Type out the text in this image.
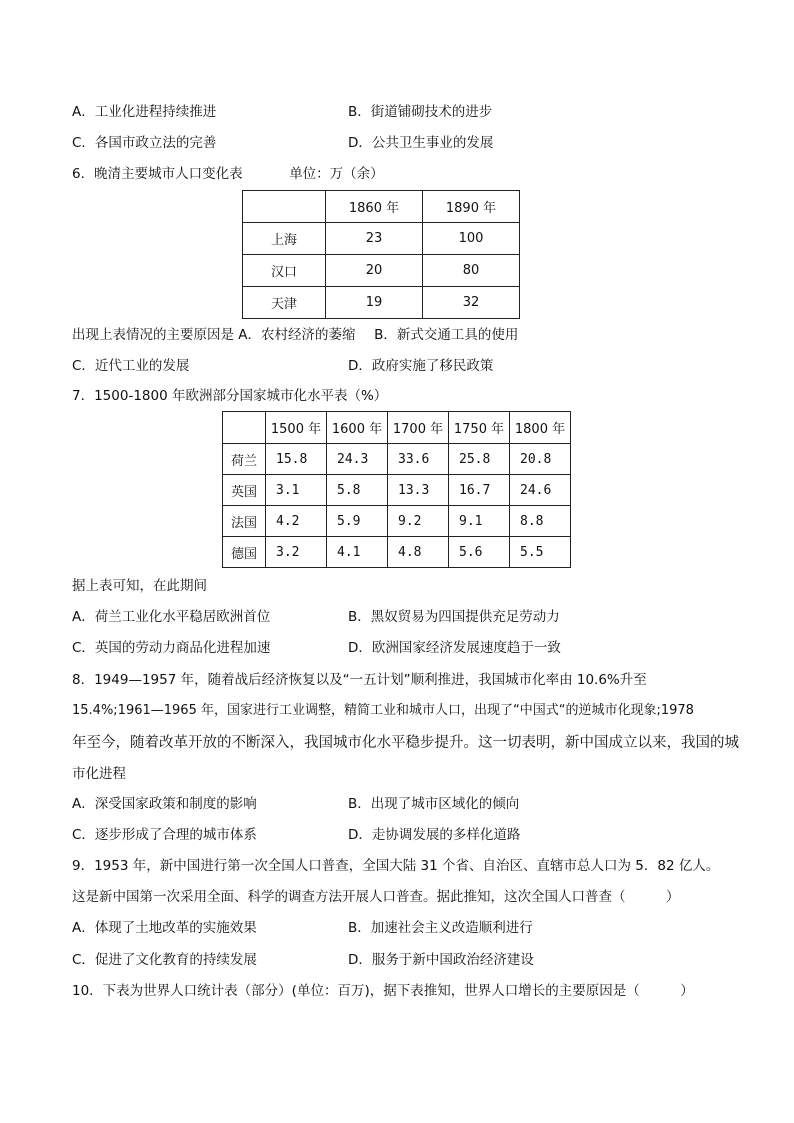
A．工业化进程持续推进	B．街道铺砌技术的进步
C．各国市政立法的完善	D．公共卫生事业的发展
6．晚清主要城市人口变化表	单位：万（余）
	1860 年	1890 年
上海	23	100
汉口	20	80
天津	19	32
出现上表情况的主要原因是 A．农村经济的萎缩 B．新式交通工具的使用
C．近代工业的发展	D．政府实施了移民政策
7．1500-1800 年欧洲部分国家城市化水平表（%）
	1500 年	1600 年	1700 年	1750 年	1800 年
荷兰	15.8	24.3	33.6	25.8	20.8
英国	3.1	5.8	13.3	16.7	24.6
法国	4.2	5.9	9.2	9.1	8.8
德国	3.2	4.1	4.8	5.6	5.5
据上表可知，在此期间
A．荷兰工业化水平稳居欧洲首位	B．黑奴贸易为四国提供充足劳动力
C．英国的劳动力商品化进程加速	D．欧洲国家经济发展速度趋于一致
8．1949—1957 年，随着战后经济恢复以及“一五计划”顺利推进，我国城市化率由 10.6%升至
15.4%;1961—1965 年，国家进行工业调整，精简工业和城市人口，出现了“中国式“的逆城市化现象;1978
年至今，随着改革开放的不断深入，我国城市化水平稳步提升。这一切表明，新中国成立以来，我国的城
市化进程
A．深受国家政策和制度的影响	B．出现了城市区域化的倾向
C．逐步形成了合理的城市体系	D．走协调发展的多样化道路
9．1953 年，新中国进行第一次全国人口普查，全国大陆 31 个省、自治区、直辖市总人口为 5．82 亿人。
这是新中国第一次采用全面、科学的调查方法开展人口普查。据此推知，这次全国人口普查（　　　）
A．体现了土地改革的实施效果	B．加速社会主义改造顺利进行
C．促进了文化教育的持续发展	D．服务于新中国政治经济建设
10．下表为世界人口统计表（部分）(单位：百万)，据下表推知，世界人口增长的主要原因是（　　　）
